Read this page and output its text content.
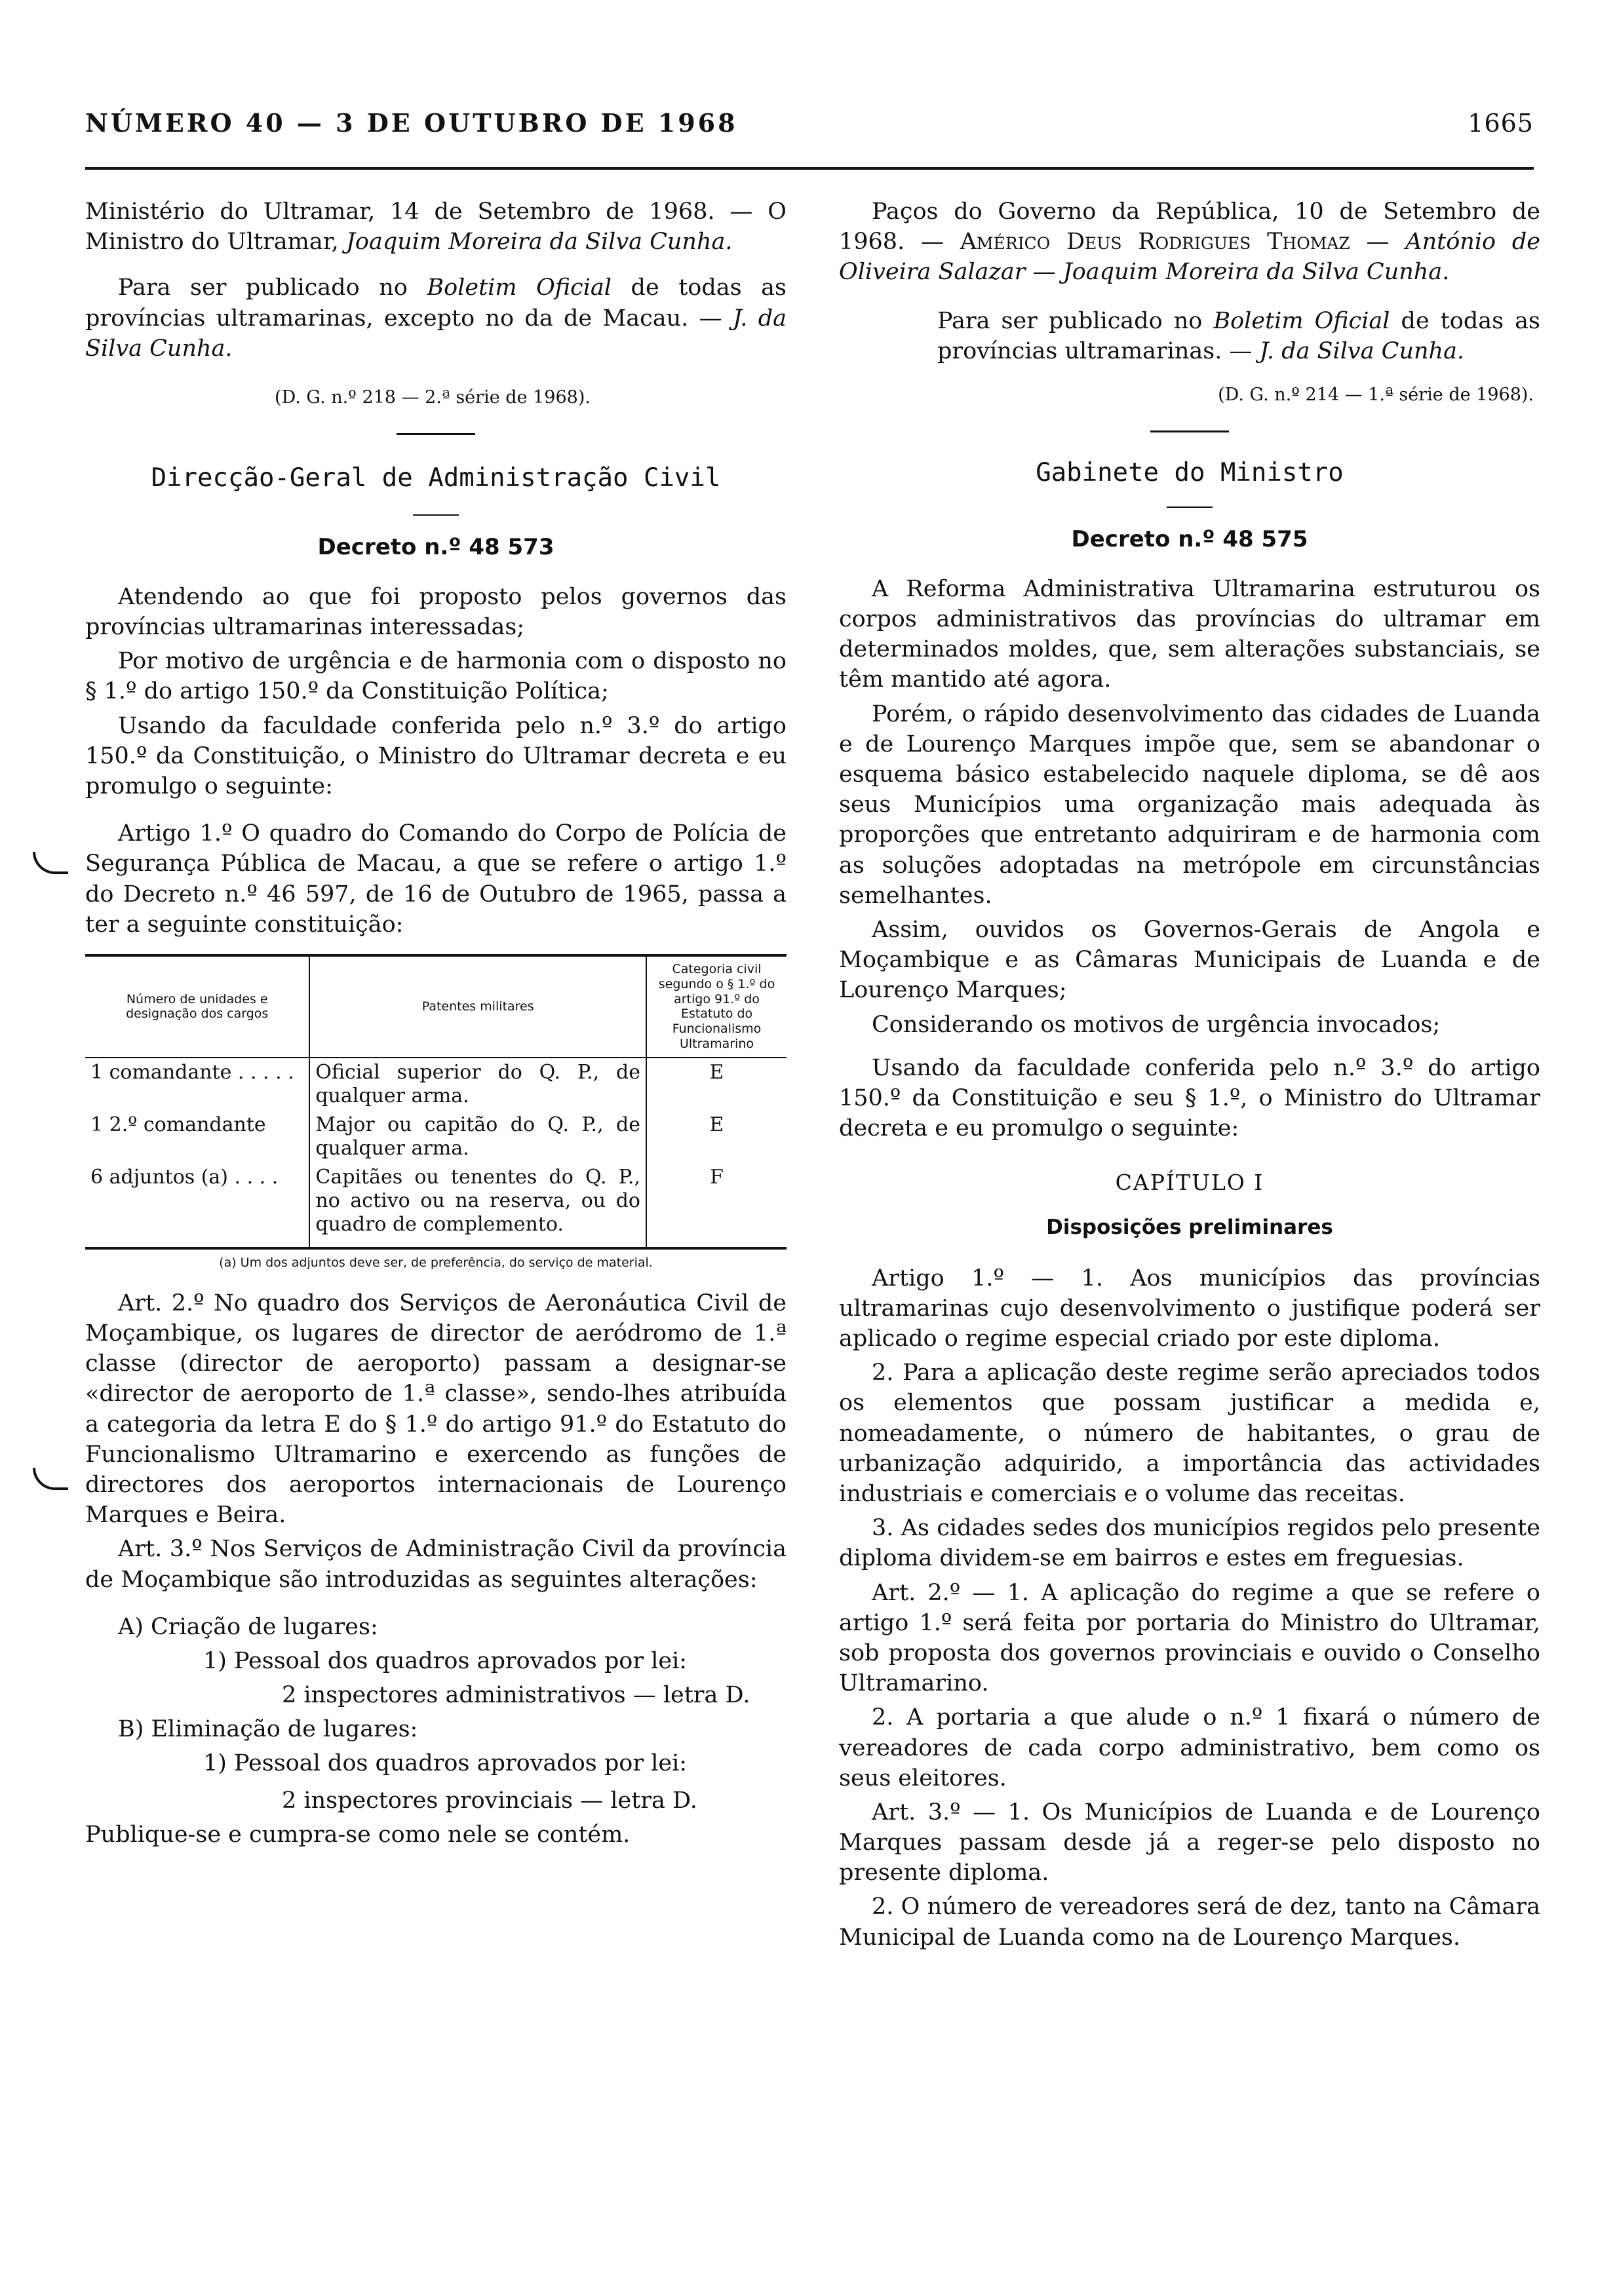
NÚMERO 40 — 3 DE OUTUBRO DE 1968	1665

Ministério do Ultramar, 14 de Setembro de 1968. — O Ministro do Ultramar, Joaquim Moreira da Silva Cunha.

Para ser publicado no Boletim Oficial de todas as províncias ultramarinas, excepto no da de Macau. — J. da Silva Cunha.

(D. G. n.º 218 — 2.ª série de 1968).

Direcção-Geral de Administração Civil

Decreto n.º 48 573

Atendendo ao que foi proposto pelos governos das províncias ultramarinas interessadas;

Por motivo de urgência e de harmonia com o disposto no § 1.º do artigo 150.º da Constituição Política;

Usando da faculdade conferida pelo n.º 3.º do artigo 150.º da Constituição, o Ministro do Ultramar decreta e eu promulgo o seguinte:

Artigo 1.º O quadro do Comando do Corpo de Polícia de Segurança Pública de Macau, a que se refere o artigo 1.º do Decreto n.º 46 597, de 16 de Outubro de 1965, passa a ter a seguinte constituição:

Número de unidades e designação dos cargos	Patentes militares	Categoria civil segundo o § 1.º do artigo 91.º do Estatuto do Funcionalismo Ultramarino
1 comandante . . . . .	Oficial superior do Q. P., de qualquer arma.	E
1 2.º comandante	Major ou capitão do Q. P., de qualquer arma.	E
6 adjuntos (a) . . . .	Capitães ou tenentes do Q. P., no activo ou na reserva, ou do quadro de complemento.	F

(a) Um dos adjuntos deve ser, de preferência, do serviço de material.

Art. 2.º No quadro dos Serviços de Aeronáutica Civil de Moçambique, os lugares de director de aeródromo de 1.ª classe (director de aeroporto) passam a designar-se «director de aeroporto de 1.ª classe», sendo-lhes atribuída a categoria da letra E do § 1.º do artigo 91.º do Estatuto do Funcionalismo Ultramarino e exercendo as funções de directores dos aeroportos internacionais de Lourenço Marques e Beira.

Art. 3.º Nos Serviços de Administração Civil da província de Moçambique são introduzidas as seguintes alterações:

A) Criação de lugares:

1) Pessoal dos quadros aprovados por lei:

2 inspectores administrativos — letra D.

B) Eliminação de lugares:

1) Pessoal dos quadros aprovados por lei:

2 inspectores provinciais — letra D.

Publique-se e cumpra-se como nele se contém.

Paços do Governo da República, 10 de Setembro de 1968. — Américo Deus Rodrigues Thomaz — António de Oliveira Salazar — Joaquim Moreira da Silva Cunha.

Para ser publicado no Boletim Oficial de todas as províncias ultramarinas. — J. da Silva Cunha.

(D. G. n.º 214 — 1.ª série de 1968).

Gabinete do Ministro

Decreto n.º 48 575

A Reforma Administrativa Ultramarina estruturou os corpos administrativos das províncias do ultramar em determinados moldes, que, sem alterações substanciais, se têm mantido até agora.

Porém, o rápido desenvolvimento das cidades de Luanda e de Lourenço Marques impõe que, sem se abandonar o esquema básico estabelecido naquele diploma, se dê aos seus Municípios uma organização mais adequada às proporções que entretanto adquiriram e de harmonia com as soluções adoptadas na metrópole em circunstâncias semelhantes.

Assim, ouvidos os Governos-Gerais de Angola e Moçambique e as Câmaras Municipais de Luanda e de Lourenço Marques;

Considerando os motivos de urgência invocados;

Usando da faculdade conferida pelo n.º 3.º do artigo 150.º da Constituição e seu § 1.º, o Ministro do Ultramar decreta e eu promulgo o seguinte:

CAPÍTULO I

Disposições preliminares

Artigo 1.º — 1. Aos municípios das províncias ultramarinas cujo desenvolvimento o justifique poderá ser aplicado o regime especial criado por este diploma.

2. Para a aplicação deste regime serão apreciados todos os elementos que possam justificar a medida e, nomeadamente, o número de habitantes, o grau de urbanização adquirido, a importância das actividades industriais e comerciais e o volume das receitas.

3. As cidades sedes dos municípios regidos pelo presente diploma dividem-se em bairros e estes em freguesias.

Art. 2.º — 1. A aplicação do regime a que se refere o artigo 1.º será feita por portaria do Ministro do Ultramar, sob proposta dos governos provinciais e ouvido o Conselho Ultramarino.

2. A portaria a que alude o n.º 1 fixará o número de vereadores de cada corpo administrativo, bem como os seus eleitores.

Art. 3.º — 1. Os Municípios de Luanda e de Lourenço Marques passam desde já a reger-se pelo disposto no presente diploma.

2. O número de vereadores será de dez, tanto na Câmara Municipal de Luanda como na de Lourenço Marques.
